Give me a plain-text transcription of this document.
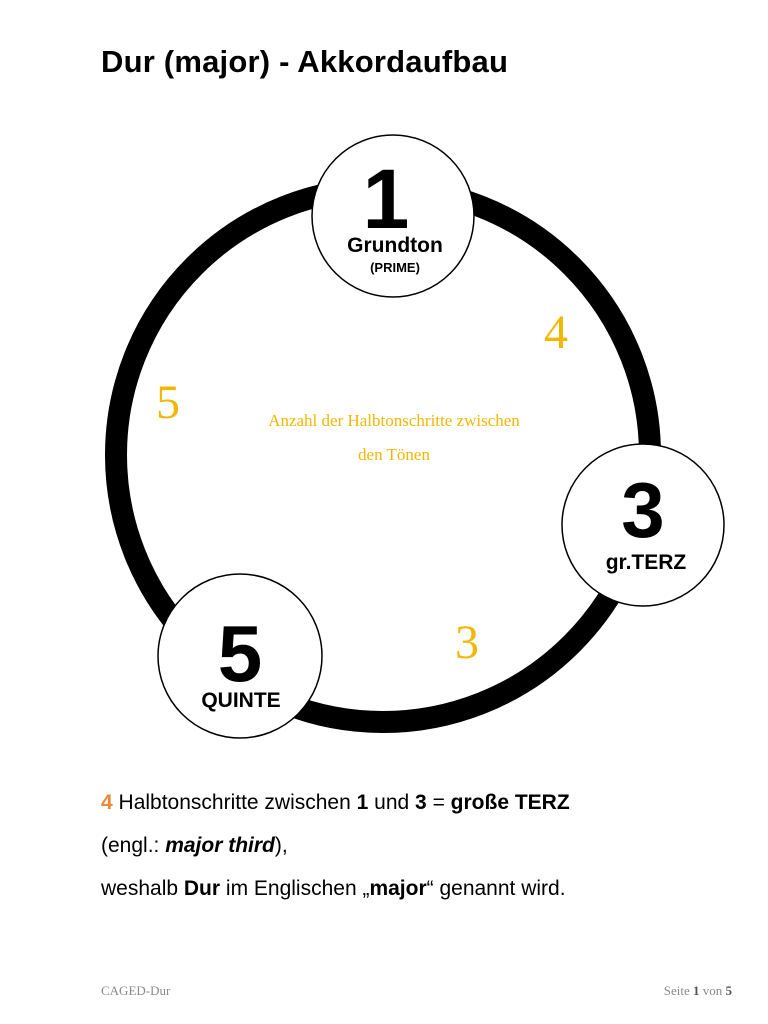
Dur (major) - Akkordaufbau
1
Grundton
(PRIME)
3
gr.TERZ
5
QUINTE
4
3
5	Anzahl der Halbtonschritte zwischen
den Tönen
4 Halbtonschritte zwischen 1 und 3 = große TERZ
(engl.: major third),
weshalb Dur im Englischen „major“ genannt wird.
CAGED-Dur	Seite 1 von 5
